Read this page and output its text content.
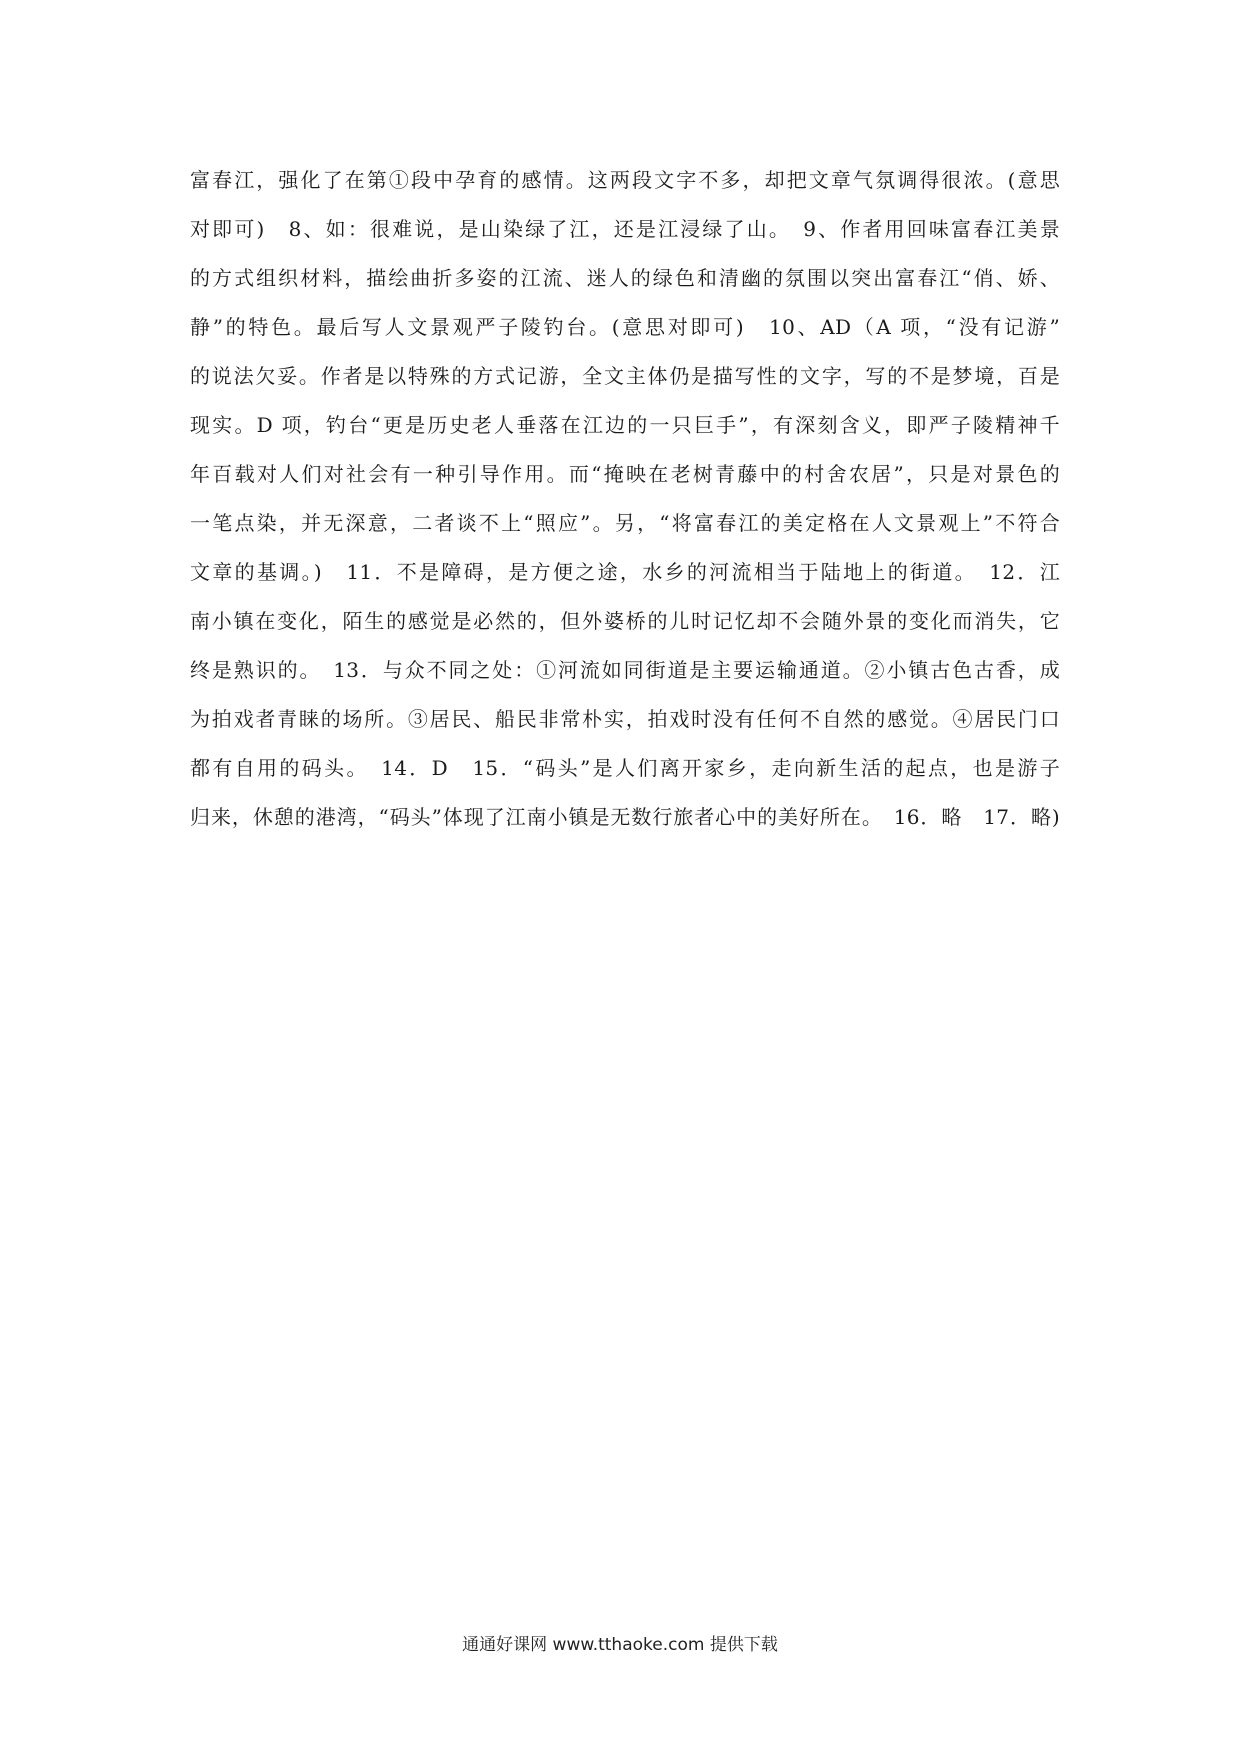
富春江，强化了在第①段中孕育的感情。这两段文字不多，却把文章气氛调得很浓。(意思
对即可)　8、如：很难说，是山染绿了江，还是江浸绿了山。　9、作者用回味富春江美景
的方式组织材料，描绘曲折多姿的江流、迷人的绿色和清幽的氛围以突出富春江“俏、娇、
静”的特色。最后写人文景观严子陵钓台。(意思对即可)　10、AD（A 项，“没有记游”
的说法欠妥。作者是以特殊的方式记游，全文主体仍是描写性的文字，写的不是梦境，百是
现实。D 项，钓台“更是历史老人垂落在江边的一只巨手”，有深刻含义，即严子陵精神千
年百载对人们对社会有一种引导作用。而“掩映在老树青藤中的村舍农居”，只是对景色的
一笔点染，并无深意，二者谈不上“照应”。另，“将富春江的美定格在人文景观上”不符合
文章的基调。)　11．不是障碍，是方便之途，水乡的河流相当于陆地上的街道。　12．江
南小镇在变化，陌生的感觉是必然的，但外婆桥的儿时记忆却不会随外景的变化而消失，它
终是熟识的。　13．与众不同之处：①河流如同街道是主要运输通道。②小镇古色古香，成
为拍戏者青睐的场所。③居民、船民非常朴实，拍戏时没有任何不自然的感觉。④居民门口
都有自用的码头。　14．D　15．“码头”是人们离开家乡，走向新生活的起点，也是游子
归来，休憩的港湾，“码头”体现了江南小镇是无数行旅者心中的美好所在。　16．略　17．略)
通通好课网 www.tthaoke.com 提供下载
